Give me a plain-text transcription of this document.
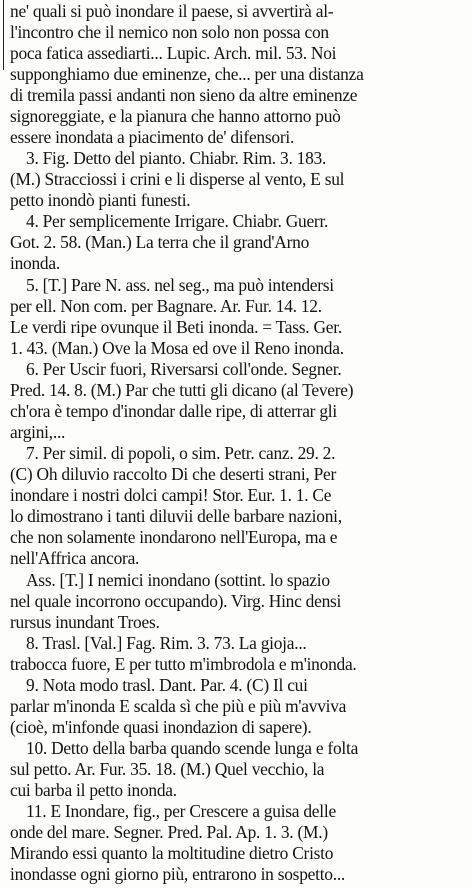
ne' quali si può inondare il paese, si avvertirà al-
l'incontro che il nemico non solo non possa con
poca fatica assediarti... Lupic. Arch. mil. 53. Noi
supponghiamo due eminenze, che... per una distanza
di tremila passi andanti non sieno da altre eminenze
signoreggiate, e la pianura che hanno attorno può
essere inondata a piacimento de' difensori.
3. Fig. Detto del pianto. Chiabr. Rim. 3. 183.
(M.) Stracciossi i crini e li disperse al vento, E sul
petto inondò pianti funesti.
4. Per semplicemente Irrigare. Chiabr. Guerr.
Got. 2. 58. (Man.) La terra che il grand'Arno
inonda.
5. [T.] Pare N. ass. nel seg., ma può intendersi
per ell. Non com. per Bagnare. Ar. Fur. 14. 12.
Le verdi ripe ovunque il Beti inonda. = Tass. Ger.
1. 43. (Man.) Ove la Mosa ed ove il Reno inonda.
6. Per Uscir fuori, Riversarsi coll'onde. Segner.
Pred. 14. 8. (M.) Par che tutti gli dicano (al Tevere)
ch'ora è tempo d'inondar dalle ripe, di atterrar gli
argini,...
7. Per simil. di popoli, o sim. Petr. canz. 29. 2.
(C) Oh diluvio raccolto Di che deserti strani, Per
inondare i nostri dolci campi! Stor. Eur. 1. 1. Ce
lo dimostrano i tanti diluvii delle barbare nazioni,
che non solamente inondarono nell'Europa, ma e
nell'Affrica ancora.
Ass. [T.] I nemici inondano (sottint. lo spazio
nel quale incorrono occupando). Virg. Hinc densi
rursus inundant Troes.
8. Trasl. [Val.] Fag. Rim. 3. 73. La gioja...
trabocca fuore, E per tutto m'imbrodola e m'inonda.
9. Nota modo trasl. Dant. Par. 4. (C) Il cui
parlar m'inonda E scalda sì che più e più m'avviva
(cioè, m'infonde quasi inondazion di sapere).
10. Detto della barba quando scende lunga e folta
sul petto. Ar. Fur. 35. 18. (M.) Quel vecchio, la
cui barba il petto inonda.
11. E Inondare, fig., per Crescere a guisa delle
onde del mare. Segner. Pred. Pal. Ap. 1. 3. (M.)
Mirando essi quanto la moltitudine dietro Cristo
inondasse ogni giorno più, entrarono in sospetto...
